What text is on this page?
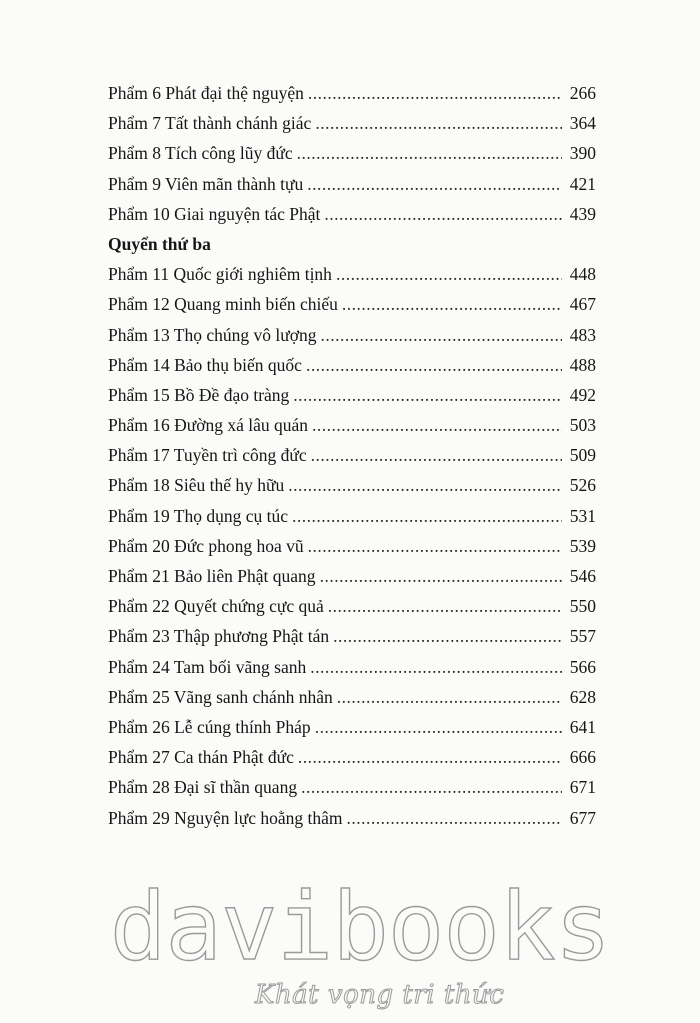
Phẩm 6 Phát đại thệ nguyện .....	266
Phẩm 7 Tất thành chánh giác .....	364
Phẩm 8 Tích công lũy đức .....	390
Phẩm 9 Viên mãn thành tựu .....	421
Phẩm 10 Giai nguyện tác Phật .....	439
Quyển thứ ba
Phẩm 11 Quốc giới nghiêm tịnh .....	448
Phẩm 12 Quang minh biến chiếu .....	467
Phẩm 13 Thọ chúng vô lượng .....	483
Phẩm 14 Bảo thụ biến quốc .....	488
Phẩm 15 Bồ Đề đạo tràng .....	492
Phẩm 16 Đường xá lâu quán .....	503
Phẩm 17 Tuyền trì công đức .....	509
Phẩm 18 Siêu thế hy hữu .....	526
Phẩm 19 Thọ dụng cụ túc .....	531
Phẩm 20 Đức phong hoa vũ .....	539
Phẩm 21 Bảo liên Phật quang .....	546
Phẩm 22 Quyết chứng cực quả .....	550
Phẩm 23 Thập phương Phật tán .....	557
Phẩm 24 Tam bối vãng sanh .....	566
Phẩm 25 Vãng sanh chánh nhân .....	628
Phẩm 26 Lễ cúng thính Pháp .....	641
Phẩm 27 Ca thán Phật đức .....	666
Phẩm 28 Đại sĩ thần quang .....	671
Phẩm 29 Nguyện lực hoằng thâm .....	677
davibooks
Khát vọng tri thức
